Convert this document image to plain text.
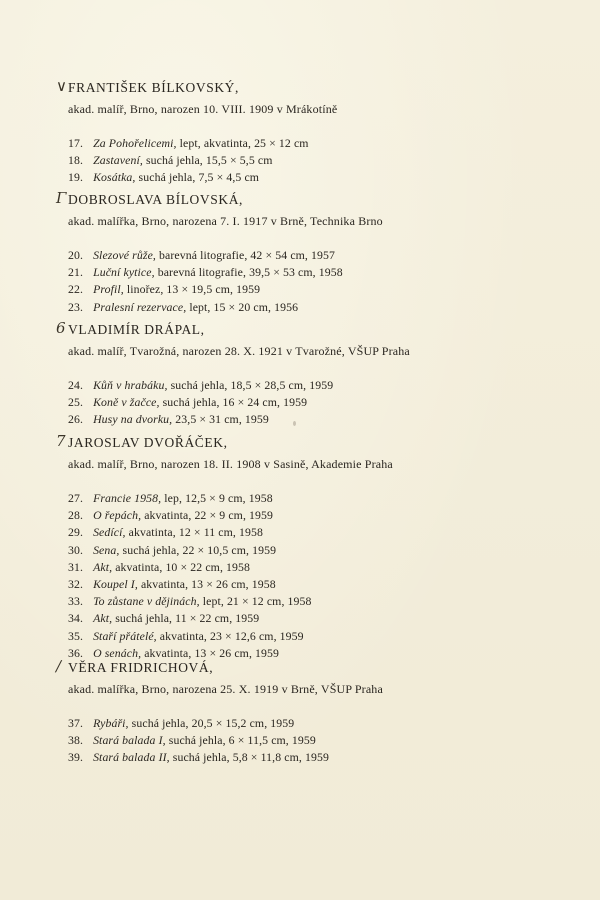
∨ FRANTIŠEK BÍLKOVSKÝ,
akad. malíř, Brno, narozen 10. VIII. 1909 v Mrákotíně
17. Za Pohořelicemi, lept, akvatinta, 25 × 12 cm
18. Zastavení, suchá jehla, 15,5 × 5,5 cm
19. Kosátka, suchá jehla, 7,5 × 4,5 cm
Γ DOBROSLAVA BÍLOVSKÁ,
akad. malířka, Brno, narozena 7. I. 1917 v Brně, Technika Brno
20. Slezové růže, barevná litografie, 42 × 54 cm, 1957
21. Luční kytice, barevná litografie, 39,5 × 53 cm, 1958
22. Profil, linořez, 13 × 19,5 cm, 1959
23. Pralesní rezervace, lept, 15 × 20 cm, 1956
6 VLADIMÍR DRÁPAL,
akad. malíř, Tvarožná, narozen 28. X. 1921 v Tvarožné, VŠUP Praha
24. Kůň v hrabáku, suchá jehla, 18,5 × 28,5 cm, 1959
25. Koně v žačce, suchá jehla, 16 × 24 cm, 1959
26. Husy na dvorku, 23,5 × 31 cm, 1959
7 JAROSLAV DVOŘÁČEK,
akad. malíř, Brno, narozen 18. II. 1908 v Sasině, Akademie Praha
27. Francie 1958, lep, 12,5 × 9 cm, 1958
28. O řepách, akvatinta, 22 × 9 cm, 1959
29. Sedící, akvatinta, 12 × 11 cm, 1958
30. Sena, suchá jehla, 22 × 10,5 cm, 1959
31. Akt, akvatinta, 10 × 22 cm, 1958
32. Koupel I, akvatinta, 13 × 26 cm, 1958
33. To zůstane v dějinách, lept, 21 × 12 cm, 1958
34. Akt, suchá jehla, 11 × 22 cm, 1959
35. Staří přátelé, akvatinta, 23 × 12,6 cm, 1959
36. O senách, akvatinta, 13 × 26 cm, 1959
∕ VĚRA FRIDRICHOVÁ,
akad. malířka, Brno, narozena 25. X. 1919 v Brně, VŠUP Praha
37. Rybáři, suchá jehla, 20,5 × 15,2 cm, 1959
38. Stará balada I, suchá jehla, 6 × 11,5 cm, 1959
39. Stará balada II, suchá jehla, 5,8 × 11,8 cm, 1959
